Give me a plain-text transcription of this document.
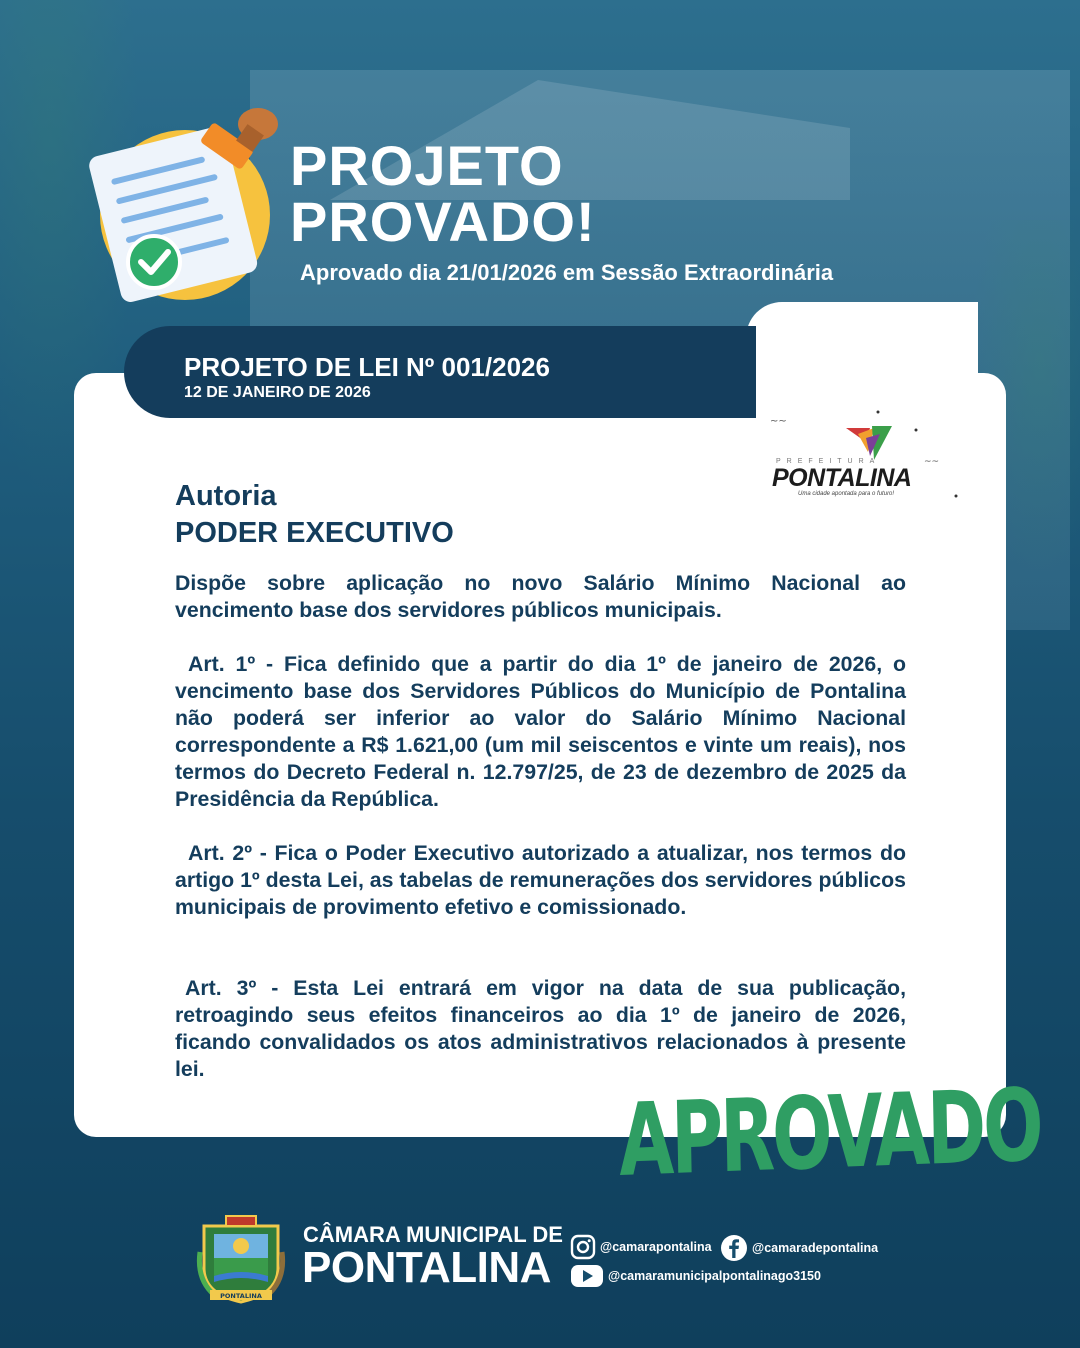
PROJETO
PROVADO!
Aprovado dia 21/01/2026 em Sessão Extraordinária
PROJETO DE LEI Nº 001/2026
12 DE JANEIRO DE 2026
~~
~~
PREFEITURA
PONTALINA
Uma cidade apontada para o futuro!
Autoria
PODER EXECUTIVO
Dispõe sobre aplicação no novo Salário Mínimo Nacional ao vencimento base dos servidores públicos municipais.
Art. 1º - Fica definido que a partir do dia 1º de janeiro de 2026, o vencimento base dos Servidores Públicos do Município de Pontalina não poderá ser inferior ao valor do Salário Mínimo Nacional correspondente a R$ 1.621,00 (um mil seiscentos e vinte um reais), nos termos do Decreto Federal n. 12.797/25, de 23 de dezembro de 2025 da Presidência da República.
Art. 2º - Fica o Poder Executivo autorizado a atualizar, nos termos do artigo 1º desta Lei, as tabelas de remunerações dos servidores públicos municipais de provimento efetivo e comissionado.
Art. 3º - Esta Lei entrará em vigor na data de sua publicação, retroagindo seus efeitos financeiros ao dia 1º de janeiro de 2026, ficando convalidados os atos administrativos relacionados à presente lei.	APROVADO
PONTALINA
CÂMARA MUNICIPAL DE
PONTALINA	@camarapontalina	@camaradepontalina
@camaramunicipalpontalinago3150
